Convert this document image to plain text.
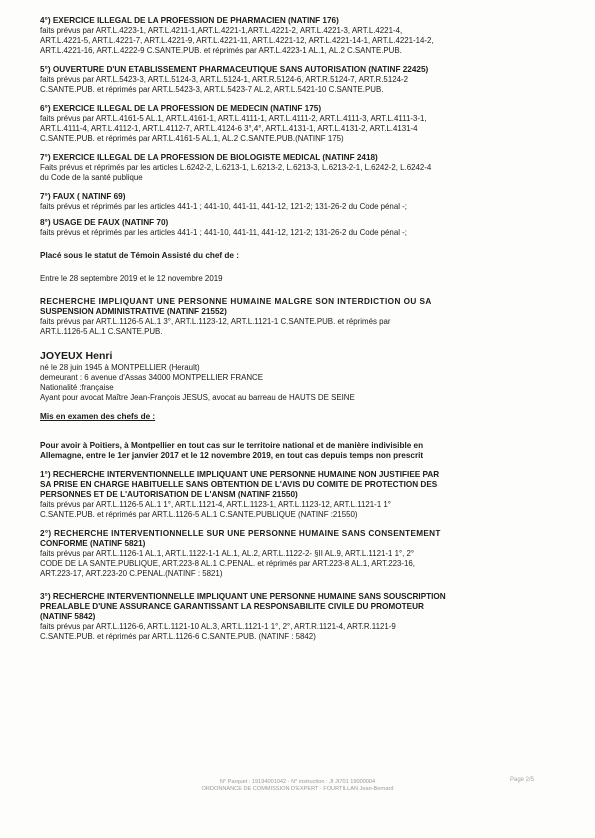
4°) EXERCICE ILLEGAL DE LA PROFESSION DE PHARMACIEN (NATINF 176)

faits prévus par ART.L.4223-1, ART.L.4211-1,ART.L.4221-1,ART.L.4221-2, ART.L.4221-3, ART.L.4221-4,

ART.L.4221-5, ART.L.4221-7, ART.L.4221-9, ART.L.4221-11, ART.L.4221-12, ART.L.4221-14-1, ART.L.4221-14-2,

ART.L.4221-16, ART.L.4222-9 C.SANTE.PUB. et réprimés par ART.L.4223-1 AL.1, AL.2 C.SANTE.PUB.

5°) OUVERTURE D'UN ETABLISSEMENT PHARMACEUTIQUE SANS AUTORISATION (NATINF 22425)

faits prévus par ART.L.5423-3, ART.L.5124-3, ART.L.5124-1, ART.R.5124-6, ART.R.5124-7, ART.R.5124-2

C.SANTE.PUB. et réprimés par ART.L.5423-3, ART.L.5423-7 AL.2, ART.L.5421-10 C.SANTE.PUB.

6°) EXERCICE ILLEGAL DE LA PROFESSION DE MEDECIN (NATINF 175)

faits prévus par ART.L.4161-5 AL.1, ART.L.4161-1, ART.L.4111-1, ART.L.4111-2, ART.L.4111-3, ART.L.4111-3-1,

ART.L.4111-4, ART.L.4112-1, ART.L.4112-7, ART.L.4124-6 3°,4°, ART.L.4131-1, ART.L.4131-2, ART.L.4131-4

C.SANTE.PUB. et réprimés par ART.L.4161-5 AL.1, AL.2 C.SANTE.PUB.(NATINF 175)

7°) EXERCICE ILLEGAL DE LA PROFESSION DE BIOLOGISTE MEDICAL (NATINF 2418)

Faits prévus et réprimés par les articles L.6242-2, L.6213-1, L.6213-2, L.6213-3, L.6213-2-1, L.6242-2, L.6242-4

du Code de la santé publique

7°) FAUX ( NATINF 69)

faits prévus et réprimés par les articles 441-1 ; 441-10, 441-11, 441-12, 121-2; 131-26-2 du Code pénal -;

8°) USAGE DE FAUX (NATINF 70)

faits prévus et réprimés par les articles 441-1 ; 441-10, 441-11, 441-12, 121-2; 131-26-2 du Code pénal -;

Placé sous le statut de Témoin Assisté du chef de :

Entre le 28 septembre 2019 et le 12 novembre 2019

RECHERCHE IMPLIQUANT UNE PERSONNE HUMAINE MALGRE SON INTERDICTION OU SA

SUSPENSION ADMINISTRATIVE (NATINF 21552)

faits prévus par ART.L.1126-5 AL.1 3°, ART.L.1123-12, ART.L.1121-1 C.SANTE.PUB. et réprimés par

ART.L.1126-5 AL.1 C.SANTE.PUB.

JOYEUX Henri

né le 28 juin 1945 à MONTPELLIER (Herault)

demeurant : 6 avenue d'Assas 34000 MONTPELLIER FRANCE

Nationalité :française

Ayant pour avocat Maître Jean-François JESUS, avocat au barreau de HAUTS DE SEINE

Mis en examen des chefs de :

Pour avoir à Poitiers, à Montpellier en tout cas sur le territoire national et de manière indivisible en

Allemagne, entre le 1er janvier 2017 et le 12 novembre 2019, en tout cas depuis temps non prescrit

1°) RECHERCHE INTERVENTIONNELLE IMPLIQUANT UNE PERSONNE HUMAINE NON JUSTIFIEE PAR

SA PRISE EN CHARGE HABITUELLE SANS OBTENTION DE L'AVIS DU COMITE DE PROTECTION DES

PERSONNES ET DE L'AUTORISATION DE L'ANSM (NATINF 21550)

faits prévus par ART.L.1126-5 AL.1 1°, ART.L.1121-4, ART.L.1123-1, ART.L.1123-12, ART.L.1121-1 1°

C.SANTE.PUB. et réprimés par ART.L.1126-5 AL.1 C.SANTE.PUBLIQUE (NATINF :21550)

2°) RECHERCHE INTERVENTIONNELLE SUR UNE PERSONNE HUMAINE SANS CONSENTEMENT

CONFORME (NATINF 5821)

faits prévus par ART.L.1126-1 AL.1, ART.L.1122-1-1 AL.1, AL.2, ART.L.1122-2- §II AL.9, ART.L.1121-1 1°, 2°

CODE DE LA SANTE.PUBLIQUE, ART.223-8 AL.1 C.PENAL. et réprimés par ART.223-8 AL.1, ART.223-16,

ART.223-17, ART.223-20 C.PENAL.(NATINF : 5821)

3°) RECHERCHE INTERVENTIONNELLE IMPLIQUANT UNE PERSONNE HUMAINE SANS SOUSCRIPTION

PREALABLE D'UNE ASSURANCE GARANTISSANT LA RESPONSABILITE CIVILE DU PROMOTEUR

(NATINF 5842)

faits prévus par ART.L.1126-6, ART.L.1121-10 AL.3, ART.L.1121-1 1°, 2°, ART.R.1121-4, ART.R.1121-9

C.SANTE.PUB. et réprimés par ART.L.1126-6 C.SANTE.PUB. (NATINF : 5842)

N° Parquet : 19194001042 · N° instruction : JI JI701 19000004
ORDONNANCE DE COMMISSION D'EXPERT · FOURTILLAN Jean-Bernard
Page 2/5
